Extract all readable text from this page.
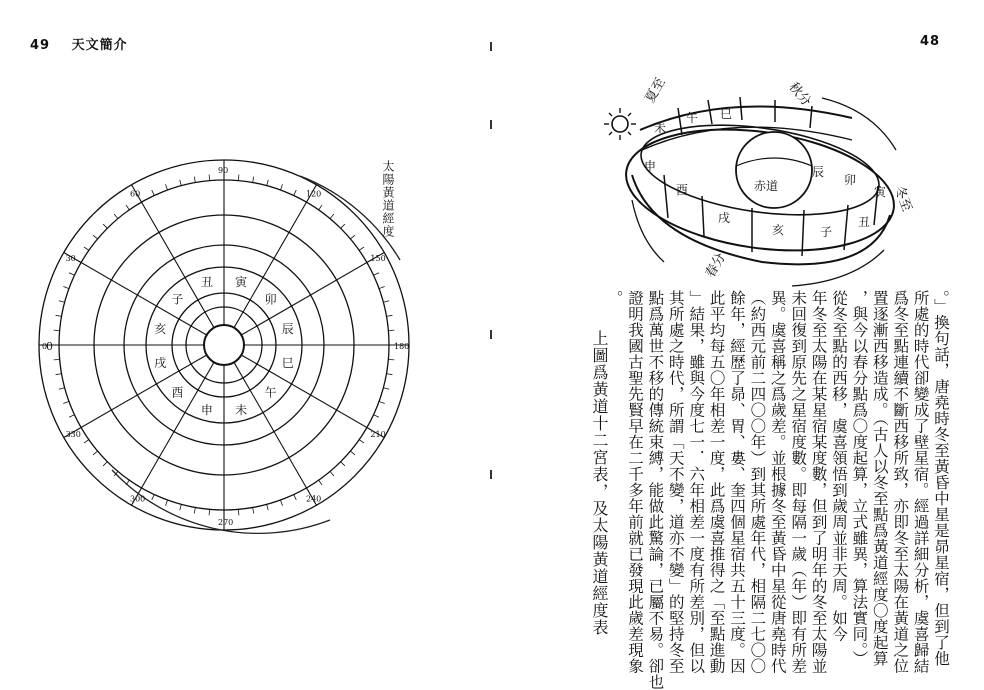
49 天文簡介
太陽黃道經度
寅
卯
辰
巳
午
未
申
酉
戌
亥
子
丑
0
30
60
90
120
150
180
210
240
270
300
330
0
48
赤道
未
午 巳
辰
卯
寅
申
酉
戌
亥	子
丑
夏至	秋分
冬至
春分
。」換句話，唐堯時冬至黃昏中星是昴星宿，但到了他
所處的時代卻變成了壁星宿。經過詳細分析，虞喜歸結
爲冬至點連續不斷西移所致，亦即冬至太陽在黃道之位
置逐漸西移造成。（古人以冬至點爲黃道經度〇度起算
，與今以春分點爲〇度起算，立式雖異，算法實同。）
從冬至點的西移，虞喜領悟到歲周並非天周。如今
年冬至太陽在某星宿某度數，但到了明年的冬至太陽並
未回復到原先之星宿度數。即每隔一歲（年）即有所差
異。虞喜稱之爲歲差。並根據冬至黃昏中星從唐堯時代
（約西元前二四〇〇年）到其所處年代，相隔二七〇〇
餘年，經歷了昴、胃、婁、奎四個星宿共五十三度。因
此平均每五〇年相差一度，此爲虞喜推得之「至點進動
」結果，雖與今度七一．六年相差一度有所差別，但以
其所處之時代，所謂「天不變，道亦不變」的堅持冬至
點爲萬世不移的傳統束縛，能做此驚論，已屬不易。卻也
證明我國古聖先賢早在二千多年前就已發現此歲差現象
。
上圖爲黃道十二宮表，及太陽黃道經度表
